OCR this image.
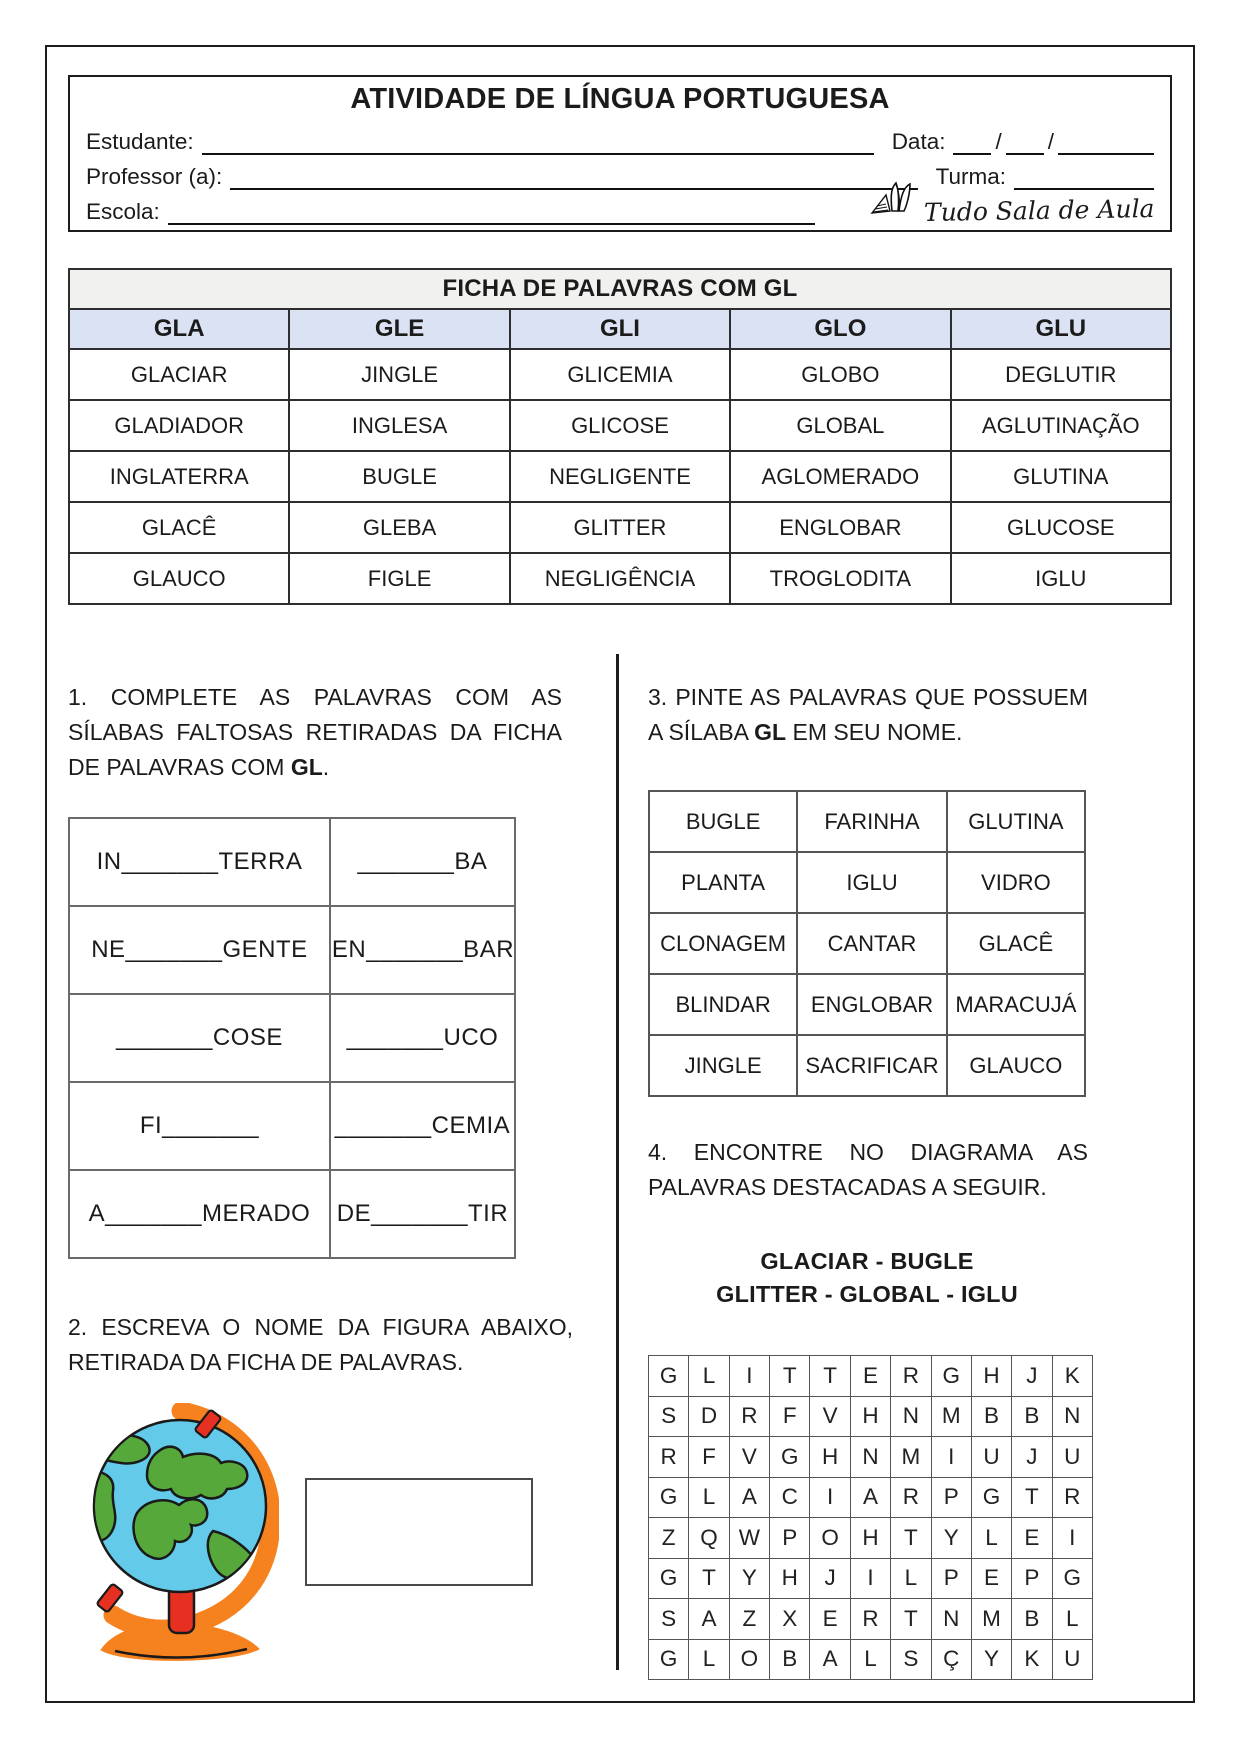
ATIVIDADE DE LÍNGUA PORTUGUESA
Estudante:	Data:	/ /
Professor (a):	Turma:
Escola:	Tudo Sala de Aula
FICHA DE PALAVRAS COM GL				
GLA	GLE	GLI	GLO	GLU
GLACIAR	JINGLE	GLICEMIA	GLOBO	DEGLUTIR
GLADIADOR	INGLESA	GLICOSE	GLOBAL	AGLUTINAÇÃO
INGLATERRA	BUGLE	NEGLIGENTE	AGLOMERADO	GLUTINA
GLACÊ	GLEBA	GLITTER	ENGLOBAR	GLUCOSE
GLAUCO	FIGLE	NEGLIGÊNCIA	TROGLODITA	IGLU

1. COMPLETE AS PALAVRAS COM AS SÍLABAS FALTOSAS RETIRADAS DA FICHA DE PALAVRAS COM GL.

IN_______TERRA	_______BA
NE_______GENTE	EN_______BAR
_______COSE	_______UCO
FI_______	_______CEMIA
A_______MERADO	DE_______TIR

2. ESCREVA O NOME DA FIGURA ABAIXO, RETIRADA DA FICHA DE PALAVRAS.

3. PINTE AS PALAVRAS QUE POSSUEM A SÍLABA GL EM SEU NOME.

BUGLE	FARINHA	GLUTINA
PLANTA	IGLU	VIDRO
CLONAGEM	CANTAR	GLACÊ
BLINDAR	ENGLOBAR	MARACUJÁ
JINGLE	SACRIFICAR	GLAUCO

4. ENCONTRE NO DIAGRAMA AS PALAVRAS DESTACADAS A SEGUIR.

GLACIAR - BUGLE
GLITTER - GLOBAL - IGLU
G	L	I	T	T	E	R	G	H	J	K
S	D	R	F	V	H	N	M	B	B	N
R	F	V	G	H	N	M	I	U	J	U
G	L	A	C	I	A	R	P	G	T	R
Z	Q	W	P	O	H	T	Y	L	E	I
G	T	Y	H	J	I	L	P	E	P	G
S	A	Z	X	E	R	T	N	M	B	L
G	L	O	B	A	L	S	Ç	Y	K	U
